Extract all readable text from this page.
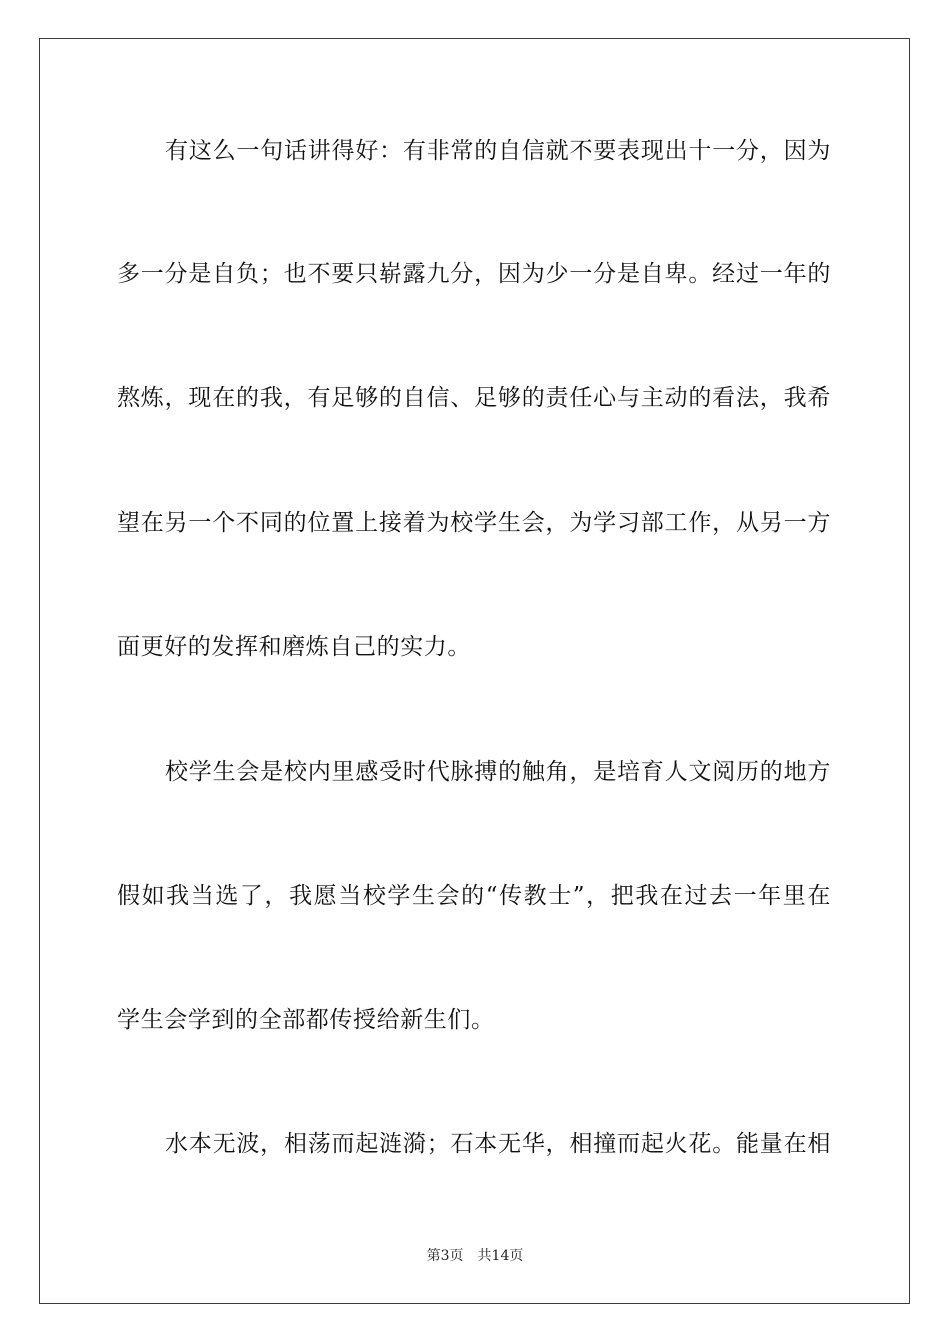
有这么一句话讲得好：有非常的自信就不要表现出十一分，因为
多一分是自负；也不要只崭露九分，因为少一分是自卑。经过一年的
熬炼，现在的我，有足够的自信、足够的责任心与主动的看法，我希
望在另一个不同的位置上接着为校学生会，为学习部工作，从另一方
面更好的发挥和磨炼自己的实力。
校学生会是校内里感受时代脉搏的触角，是培育人文阅历的地方
假如我当选了，我愿当校学生会的“传教士”，把我在过去一年里在
学生会学到的全部都传授给新生们。
水本无波，相荡而起涟漪；石本无华，相撞而起火花。能量在相
第3页 共14页
